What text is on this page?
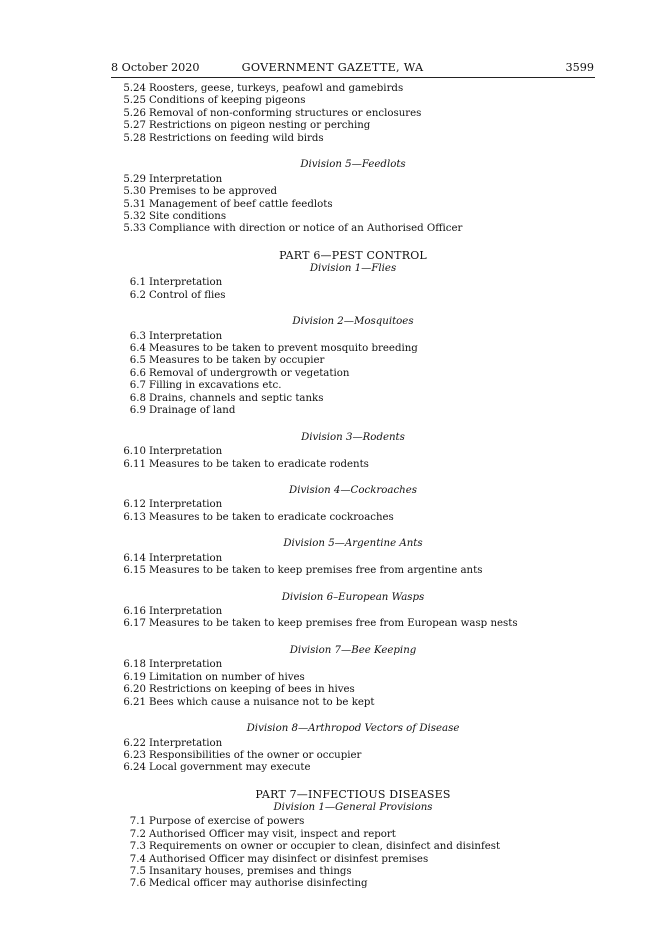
8 October 2020	GOVERNMENT GAZETTE, WA	3599
5.24 Roosters, geese, turkeys, peafowl and gamebirds
5.25 Conditions of keeping pigeons
5.26 Removal of non-conforming structures or enclosures
5.27 Restrictions on pigeon nesting or perching
5.28 Restrictions on feeding wild birds
Division 5—Feedlots
5.29 Interpretation
5.30 Premises to be approved
5.31 Management of beef cattle feedlots
5.32 Site conditions
5.33 Compliance with direction or notice of an Authorised Officer
PART 6—PEST CONTROL
Division 1—Flies
6.1 Interpretation
6.2 Control of flies
Division 2—Mosquitoes
6.3 Interpretation
6.4 Measures to be taken to prevent mosquito breeding
6.5 Measures to be taken by occupier
6.6 Removal of undergrowth or vegetation
6.7 Filling in excavations etc.
6.8 Drains, channels and septic tanks
6.9 Drainage of land
Division 3—Rodents
6.10 Interpretation
6.11 Measures to be taken to eradicate rodents
Division 4—Cockroaches
6.12 Interpretation
6.13 Measures to be taken to eradicate cockroaches
Division 5—Argentine Ants
6.14 Interpretation
6.15 Measures to be taken to keep premises free from argentine ants
Division 6–European Wasps
6.16 Interpretation
6.17 Measures to be taken to keep premises free from European wasp nests
Division 7—Bee Keeping
6.18 Interpretation
6.19 Limitation on number of hives
6.20 Restrictions on keeping of bees in hives
6.21 Bees which cause a nuisance not to be kept
Division 8—Arthropod Vectors of Disease
6.22 Interpretation
6.23 Responsibilities of the owner or occupier
6.24 Local government may execute
PART 7—INFECTIOUS DISEASES
Division 1—General Provisions
7.1 Purpose of exercise of powers
7.2 Authorised Officer may visit, inspect and report
7.3 Requirements on owner or occupier to clean, disinfect and disinfest
7.4 Authorised Officer may disinfect or disinfest premises
7.5 Insanitary houses, premises and things
7.6 Medical officer may authorise disinfecting
